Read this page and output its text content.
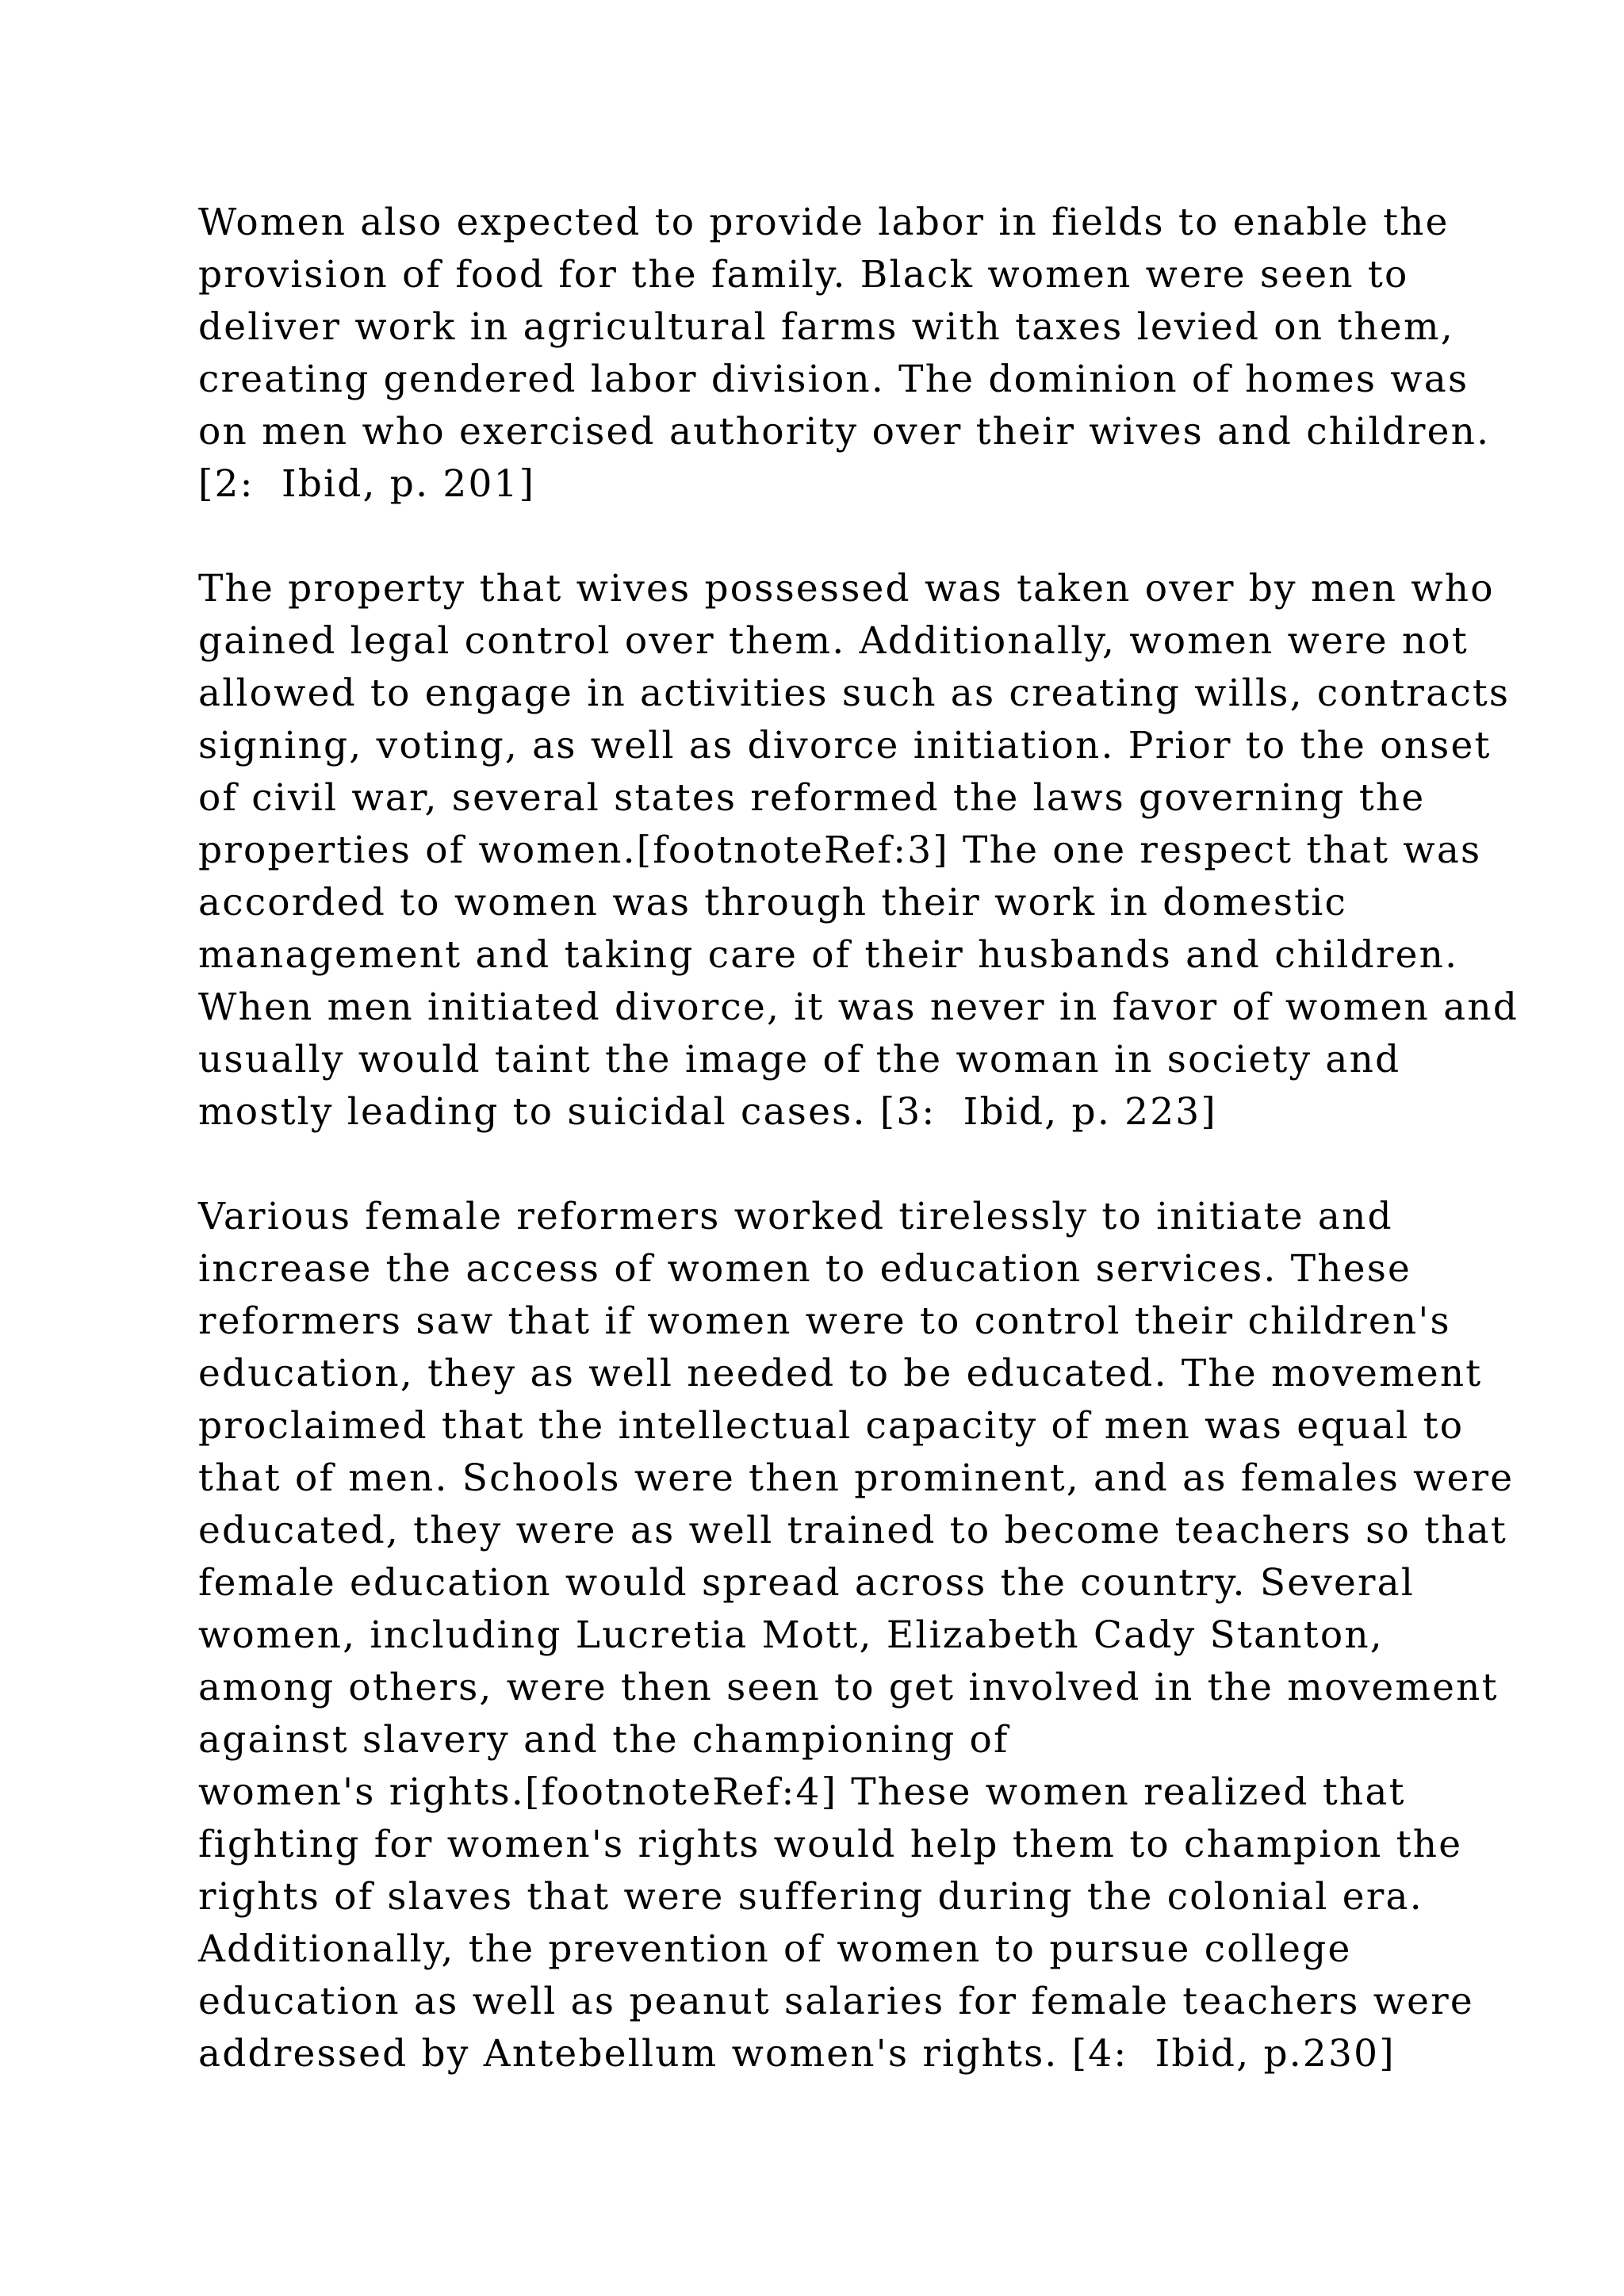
Women also expected to provide labor in fields to enable the
provision of food for the family. Black women were seen to
deliver work in agricultural farms with taxes levied on them,
creating gendered labor division. The dominion of homes was
on men who exercised authority over their wives and children.
[2:  Ibid, p. 201]
The property that wives possessed was taken over by men who
gained legal control over them. Additionally, women were not
allowed to engage in activities such as creating wills, contracts
signing, voting, as well as divorce initiation. Prior to the onset
of civil war, several states reformed the laws governing the
properties of women.[footnoteRef:3] The one respect that was
accorded to women was through their work in domestic
management and taking care of their husbands and children.
When men initiated divorce, it was never in favor of women and
usually would taint the image of the woman in society and
mostly leading to suicidal cases. [3:  Ibid, p. 223]
Various female reformers worked tirelessly to initiate and
increase the access of women to education services. These
reformers saw that if women were to control their children's
education, they as well needed to be educated. The movement
proclaimed that the intellectual capacity of men was equal to
that of men. Schools were then prominent, and as females were
educated, they were as well trained to become teachers so that
female education would spread across the country. Several
women, including Lucretia Mott, Elizabeth Cady Stanton,
among others, were then seen to get involved in the movement
against slavery and the championing of
women's rights.[footnoteRef:4] These women realized that
fighting for women's rights would help them to champion the
rights of slaves that were suffering during the colonial era.
Additionally, the prevention of women to pursue college
education as well as peanut salaries for female teachers were
addressed by Antebellum women's rights. [4:  Ibid, p.230]
